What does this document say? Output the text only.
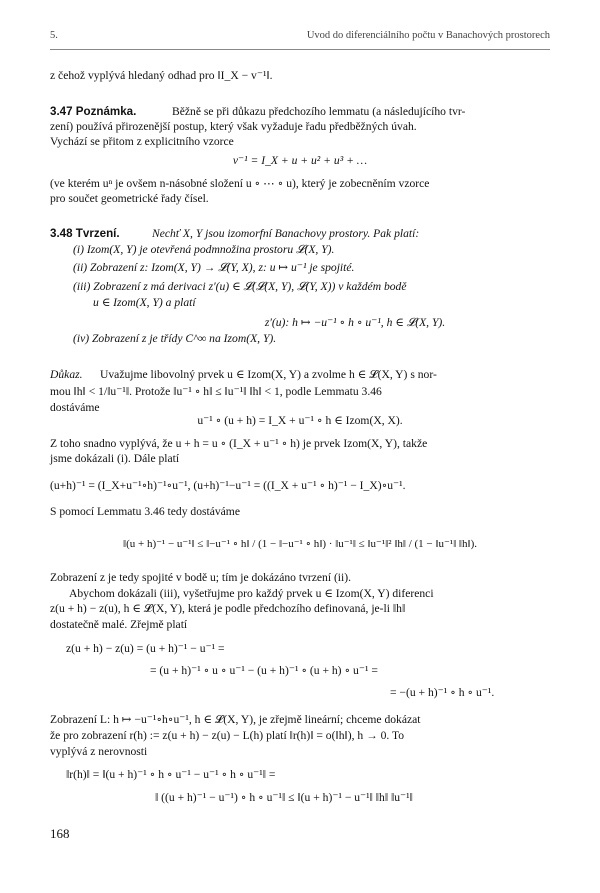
5.	Úvod do diferenciálního počtu v Banachových prostorech
z čehož vyplývá hledaný odhad pro ‖I_X − v⁻¹‖.
3.47 Poznámka.	Běžně se při důkazu předchozího lemmatu (a následujícího tvr-
zení) používá přirozenější postup, který však vyžaduje řadu předběžných úvah.
Vychází se přitom z explicitního vzorce
v⁻¹ = I_X + u + u² + u³ + …
(ve kterém uⁿ je ovšem n-násobné složení u ∘ ⋯ ∘ u), který je zobecněním vzorce
pro součet geometrické řady čísel.
3.48 Tvrzení.	Nechť X, Y jsou izomorfní Banachovy prostory. Pak platí:
(i) Izom(X, Y) je otevřená podmnožina prostoru 𝓛(X, Y).
(ii) Zobrazení z: Izom(X, Y) → 𝓛(Y, X), z: u ↦ u⁻¹ je spojité.
(iii) Zobrazení z má derivaci z′(u) ∈ 𝓛(𝓛(X, Y), 𝓛(Y, X)) v každém bodě
u ∈ Izom(X, Y) a platí
z′(u): h ↦ −u⁻¹ ∘ h ∘ u⁻¹, h ∈ 𝓛(X, Y).
(iv) Zobrazení z je třídy C^∞ na Izom(X, Y).
Důkaz.	Uvažujme libovolný prvek u ∈ Izom(X, Y) a zvolme h ∈ 𝓛(X, Y) s nor-
mou ‖h‖ < 1/‖u⁻¹‖. Protože ‖u⁻¹ ∘ h‖ ≤ ‖u⁻¹‖ ‖h‖ < 1, podle Lemmatu 3.46
dostáváme
u⁻¹ ∘ (u + h) = I_X + u⁻¹ ∘ h ∈ Izom(X, X).
Z toho snadno vyplývá, že u + h = u ∘ (I_X + u⁻¹ ∘ h) je prvek Izom(X, Y), takže
jsme dokázali (i). Dále platí
(u+h)⁻¹ = (I_X+u⁻¹∘h)⁻¹∘u⁻¹, (u+h)⁻¹−u⁻¹ = ((I_X + u⁻¹ ∘ h)⁻¹ − I_X)∘u⁻¹.
S pomocí Lemmatu 3.46 tedy dostáváme
‖(u + h)⁻¹ − u⁻¹‖ ≤ ‖−u⁻¹ ∘ h‖ / (1 − ‖−u⁻¹ ∘ h‖) · ‖u⁻¹‖ ≤ ‖u⁻¹‖² ‖h‖ / (1 − ‖u⁻¹‖ ‖h‖).
Zobrazení z je tedy spojité v bodě u; tím je dokázáno tvrzení (ii).
Abychom dokázali (iii), vyšetřujme pro každý prvek u ∈ Izom(X, Y) diferenci
z(u + h) − z(u), h ∈ 𝓛(X, Y), která je podle předchozího definovaná, je-li ‖h‖
dostatečně malé. Zřejmě platí
z(u + h) − z(u) = (u + h)⁻¹ − u⁻¹ =
= (u + h)⁻¹ ∘ u ∘ u⁻¹ − (u + h)⁻¹ ∘ (u + h) ∘ u⁻¹ =
= −(u + h)⁻¹ ∘ h ∘ u⁻¹.
Zobrazení L: h ↦ −u⁻¹∘h∘u⁻¹, h ∈ 𝓛(X, Y), je zřejmě lineární; chceme dokázat
že pro zobrazení r(h) := z(u + h) − z(u) − L(h) platí ‖r(h)‖ = o(‖h‖), h → 0. To
vyplývá z nerovnosti
‖r(h)‖ = ‖(u + h)⁻¹ ∘ h ∘ u⁻¹ − u⁻¹ ∘ h ∘ u⁻¹‖ =
‖ ((u + h)⁻¹ − u⁻¹) ∘ h ∘ u⁻¹‖ ≤ ‖(u + h)⁻¹ − u⁻¹‖ ‖h‖ ‖u⁻¹‖
168
